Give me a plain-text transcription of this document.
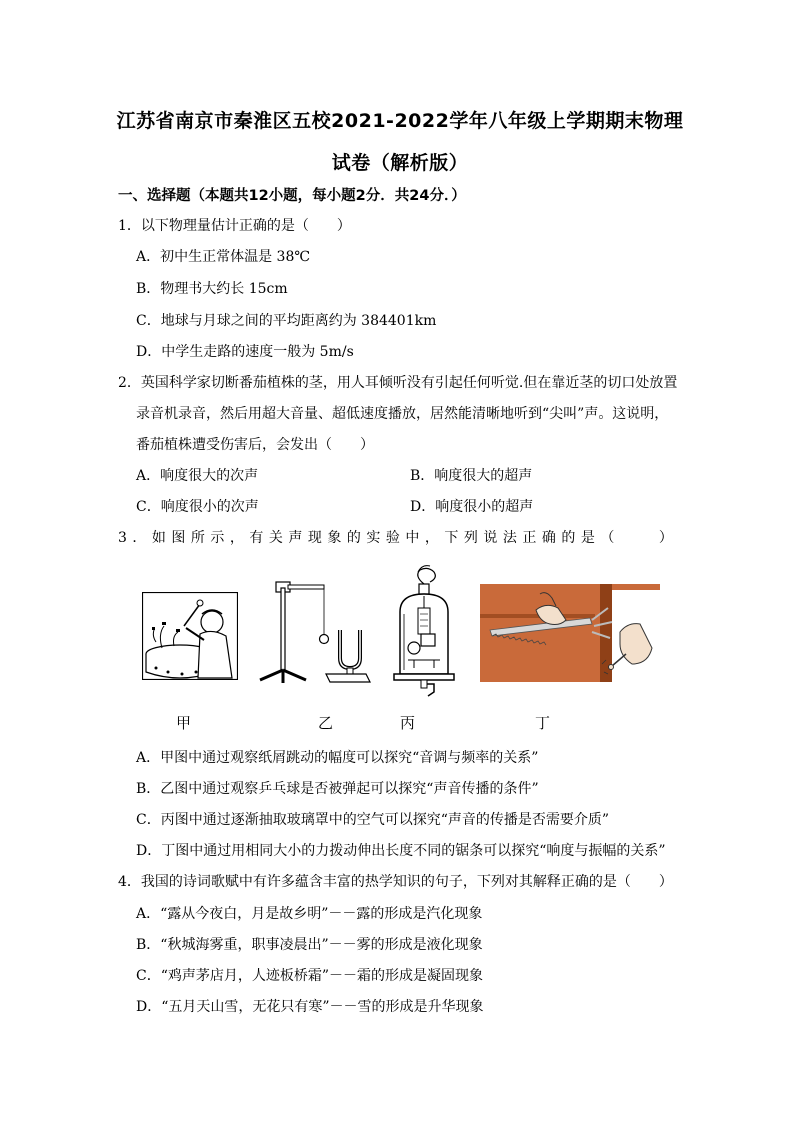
江苏省南京市秦淮区五校2021-2022学年八年级上学期期末物理
试卷（解析版）
一、选择题（本题共12小题，每小题2分．共24分．）
1．以下物理量估计正确的是（　　）
A．初中生正常体温是 38℃
B．物理书大约长 15cm
C．地球与月球之间的平均距离约为 384401km
D．中学生走路的速度一般为 5m/s
2．英国科学家切断番茄植株的茎，用人耳倾听没有引起任何听觉.但在靠近茎的切口处放置
录音机录音，然后用超大音量、超低速度播放，居然能清晰地听到“尖叫”声。这说明，
番茄植株遭受伤害后，会发出（　　）
A．响度很大的次声	B．响度很大的超声
C．响度很小的次声	D．响度很小的超声
3．如图所示，有关声现象的实验中，下列说法正确的是（　　）
甲	乙	丙	丁
A．甲图中通过观察纸屑跳动的幅度可以探究“音调与频率的关系”
B．乙图中通过观察乒乓球是否被弹起可以探究“声音传播的条件”
C．丙图中通过逐渐抽取玻璃罩中的空气可以探究“声音的传播是否需要介质”
D．丁图中通过用相同大小的力拨动伸出长度不同的锯条可以探究“响度与振幅的关系”
4．我国的诗词歌赋中有许多蕴含丰富的热学知识的句子，下列对其解释正确的是（　　）
A．“露从今夜白，月是故乡明”－－露的形成是汽化现象
B．“秋城海雾重，职事凌晨出”－－雾的形成是液化现象
C．“鸡声茅店月，人迹板桥霜”－－霜的形成是凝固现象
D．“五月天山雪，无花只有寒”－－雪的形成是升华现象
